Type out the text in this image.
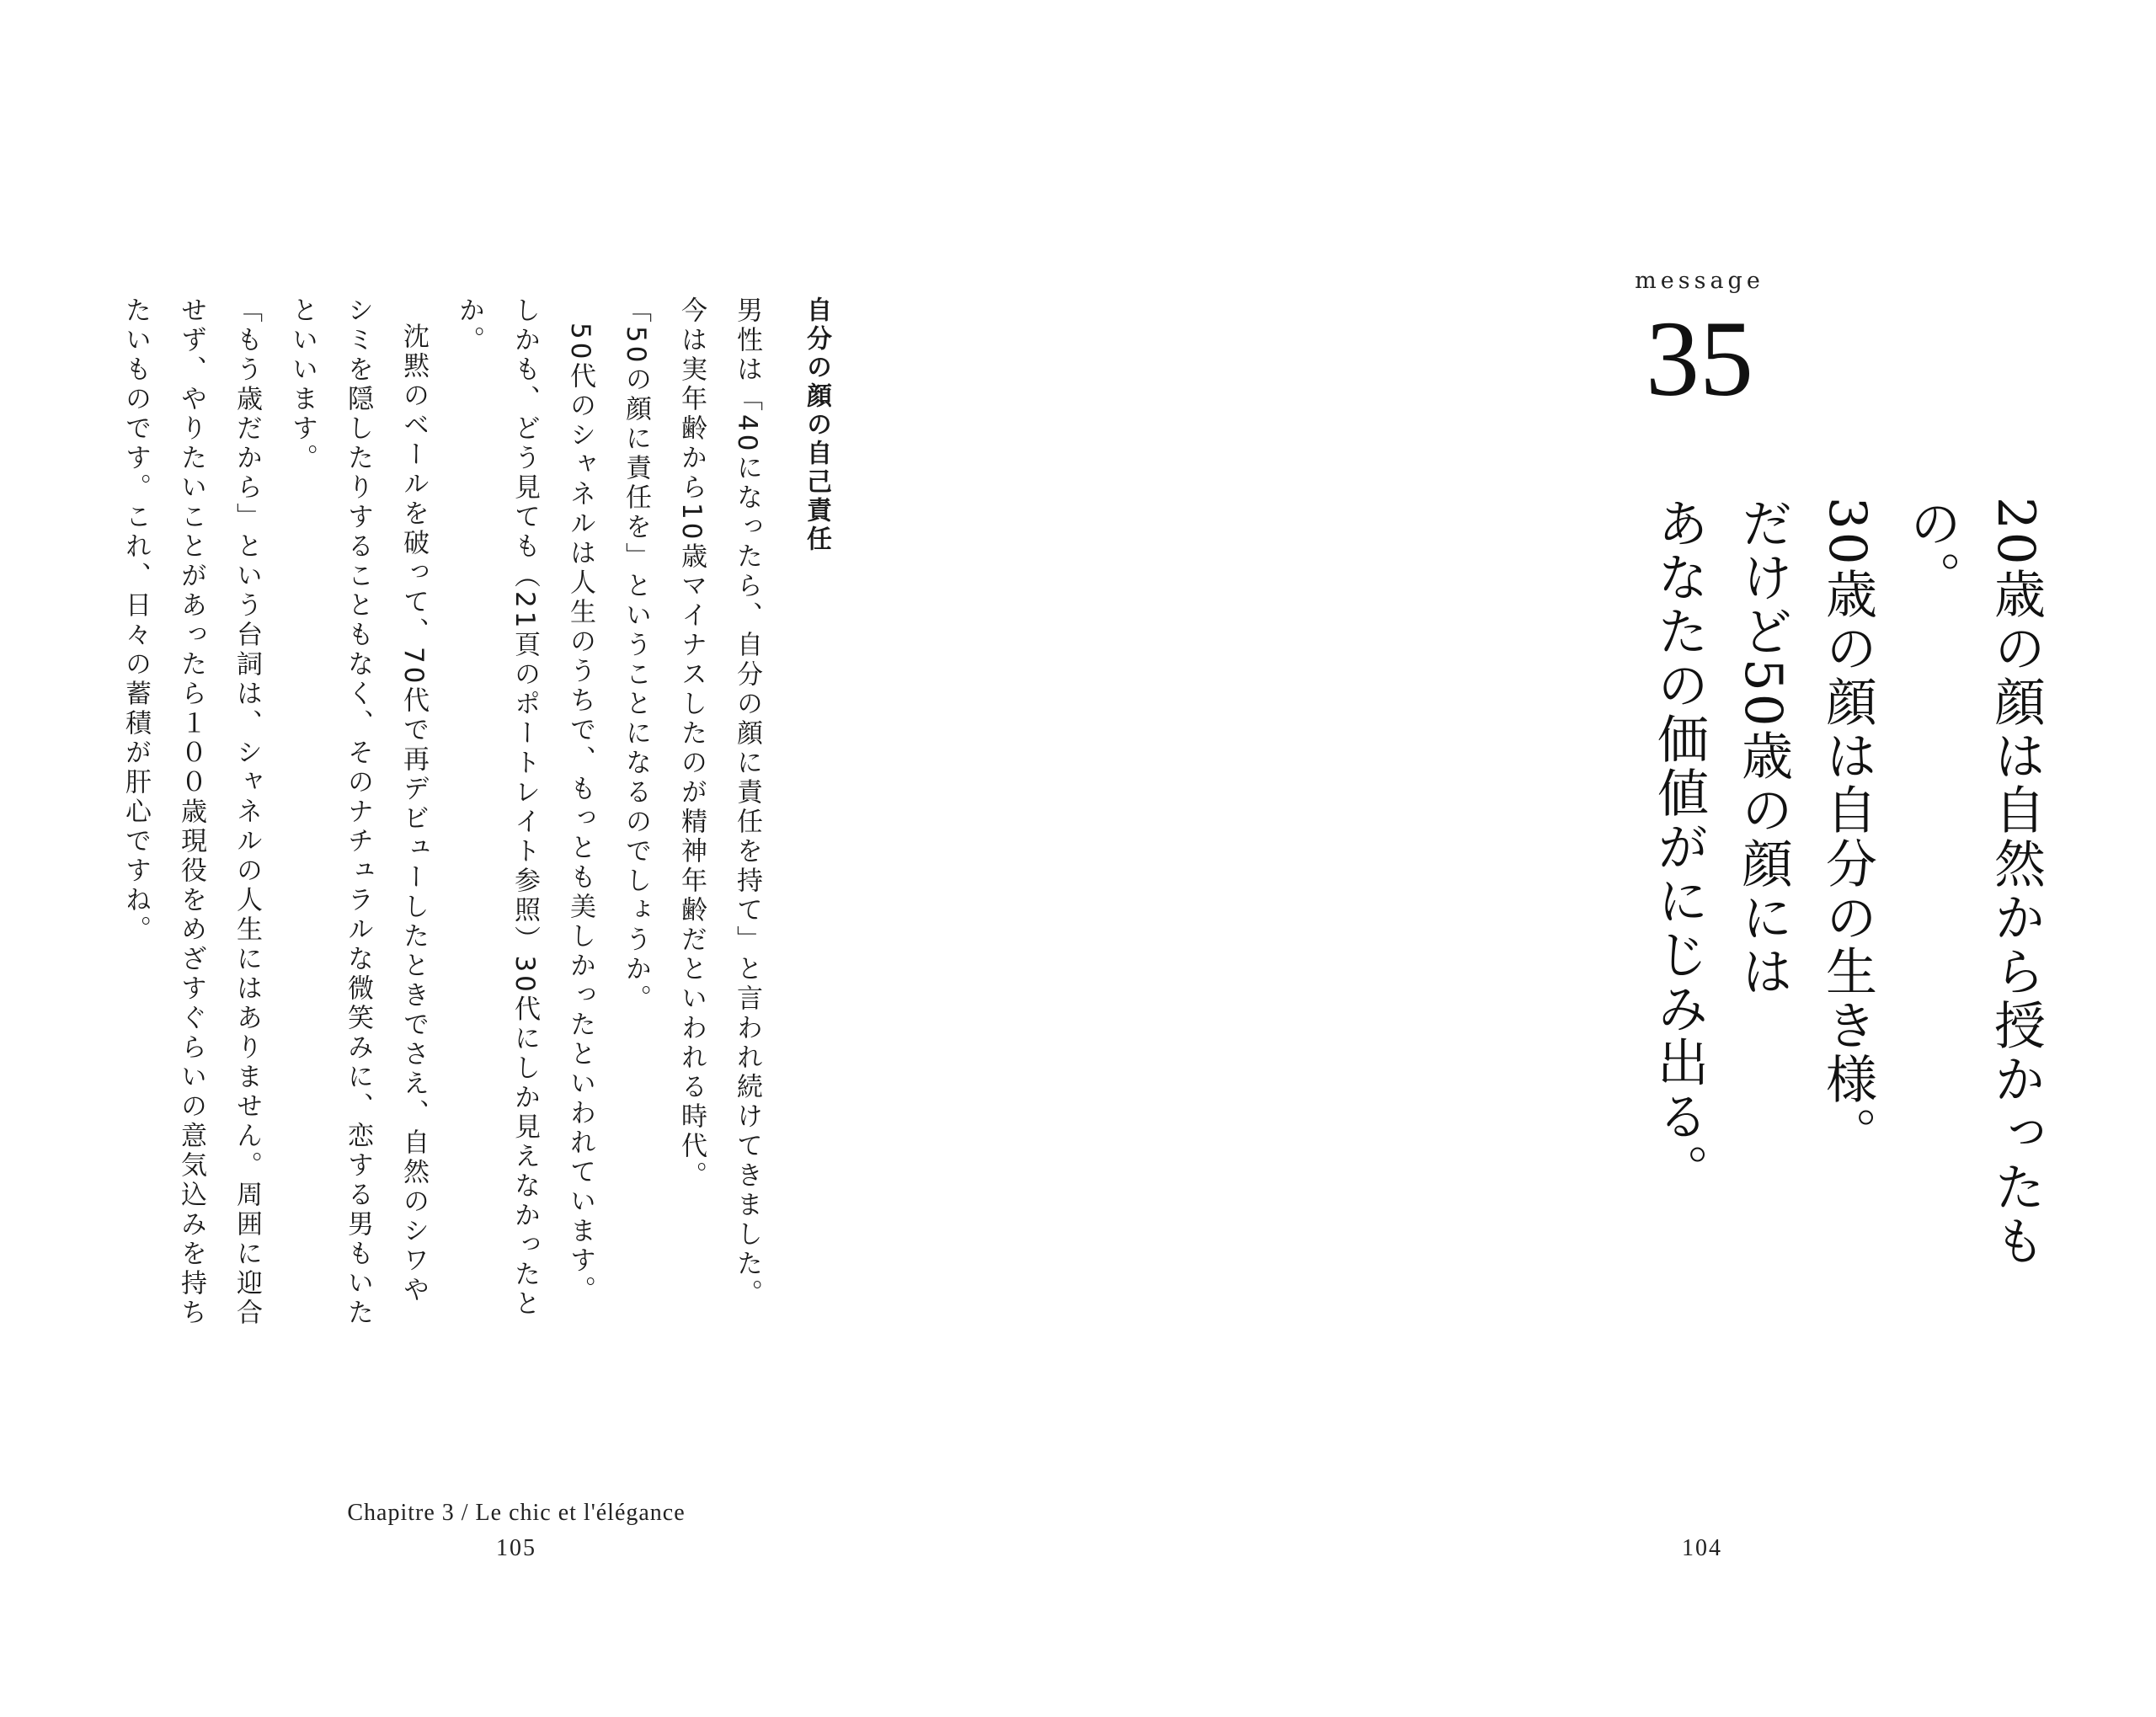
自分の顔の自己責任
男性は「40になったら、自分の顔に責任を持て」と言われ続けてきました。今は実年齢から10歳マイナスしたのが精神年齢だといわれる時代。
「50の顔に責任を」ということになるのでしょうか。
50代のシャネルは人生のうちで、もっとも美しかったといわれています。しかも、どう見ても（21頁のポートレイト参照）30代にしか見えなかったとか。
沈黙のベールを破って、70代で再デビューしたときでさえ、自然のシワやシミを隠したりすることもなく、そのナチュラルな微笑みに、恋する男もいたといいます。
「もう歳だから」という台詞は、シャネルの人生にはありません。周囲に迎合せず、やりたいことがあったら１００歳現役をめざすぐらいの意気込みを持ちたいものです。これ、日々の蓄積が肝心ですね。
Chapitre 3 / Le chic et l'élégance
105
message
35
20歳の顔は自然から授かったもの。
30歳の顔は自分の生き様。
だけど50歳の顔には
あなたの価値がにじみ出る。
104
